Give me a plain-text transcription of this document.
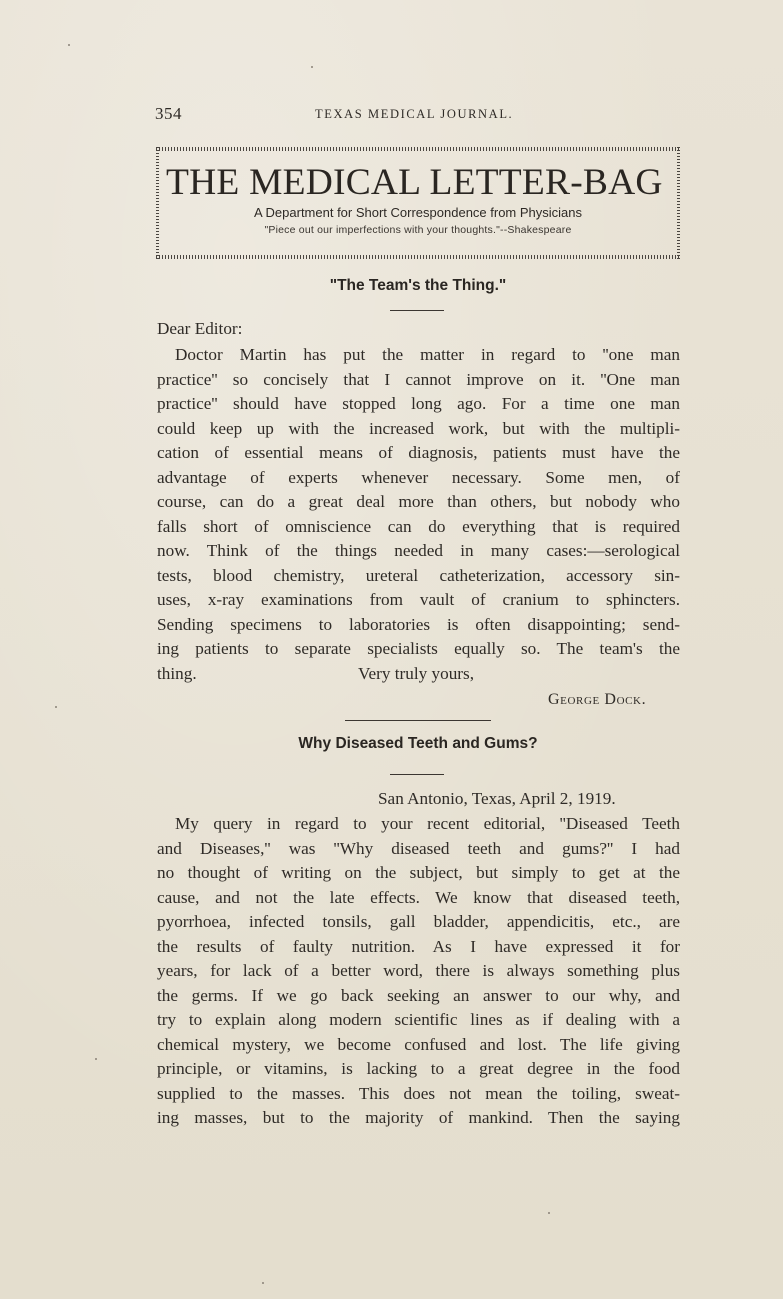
354	TEXAS MEDICAL JOURNAL.
THE MEDICAL LETTER-BAG
A Department for Short Correspondence from Physicians
"Piece out our imperfections with your thoughts."--Shakespeare
"The Team's the Thing."
Dear Editor:
Doctor Martin has put the matter in regard to ''one man
practice'' so concisely that I cannot improve on it. ''One man
practice'' should have stopped long ago. For a time one man
could keep up with the increased work, but with the multipli-
cation of essential means of diagnosis, patients must have the
advantage of experts whenever necessary. Some men, of
course, can do a great deal more than others, but nobody who
falls short of omniscience can do everything that is required
now. Think of the things needed in many cases:—serological
tests, blood chemistry, ureteral catheterization, accessory sin-
uses, x-ray examinations from vault of cranium to sphincters.
Sending specimens to laboratories is often disappointing; send-
ing patients to separate specialists equally so. The team's the
thing.	Very truly yours,
George Dock.
Why Diseased Teeth and Gums?
San Antonio, Texas, April 2, 1919.
My query in regard to your recent editorial, ''Diseased Teeth
and Diseases,'' was ''Why diseased teeth and gums?'' I had
no thought of writing on the subject, but simply to get at the
cause, and not the late effects. We know that diseased teeth,
pyorrhoea, infected tonsils, gall bladder, appendicitis, etc., are
the results of faulty nutrition. As I have expressed it for
years, for lack of a better word, there is always something plus
the germs. If we go back seeking an answer to our why, and
try to explain along modern scientific lines as if dealing with a
chemical mystery, we become confused and lost. The life giving
principle, or vitamins, is lacking to a great degree in the food
supplied to the masses. This does not mean the toiling, sweat-
ing masses, but to the majority of mankind. Then the saying
